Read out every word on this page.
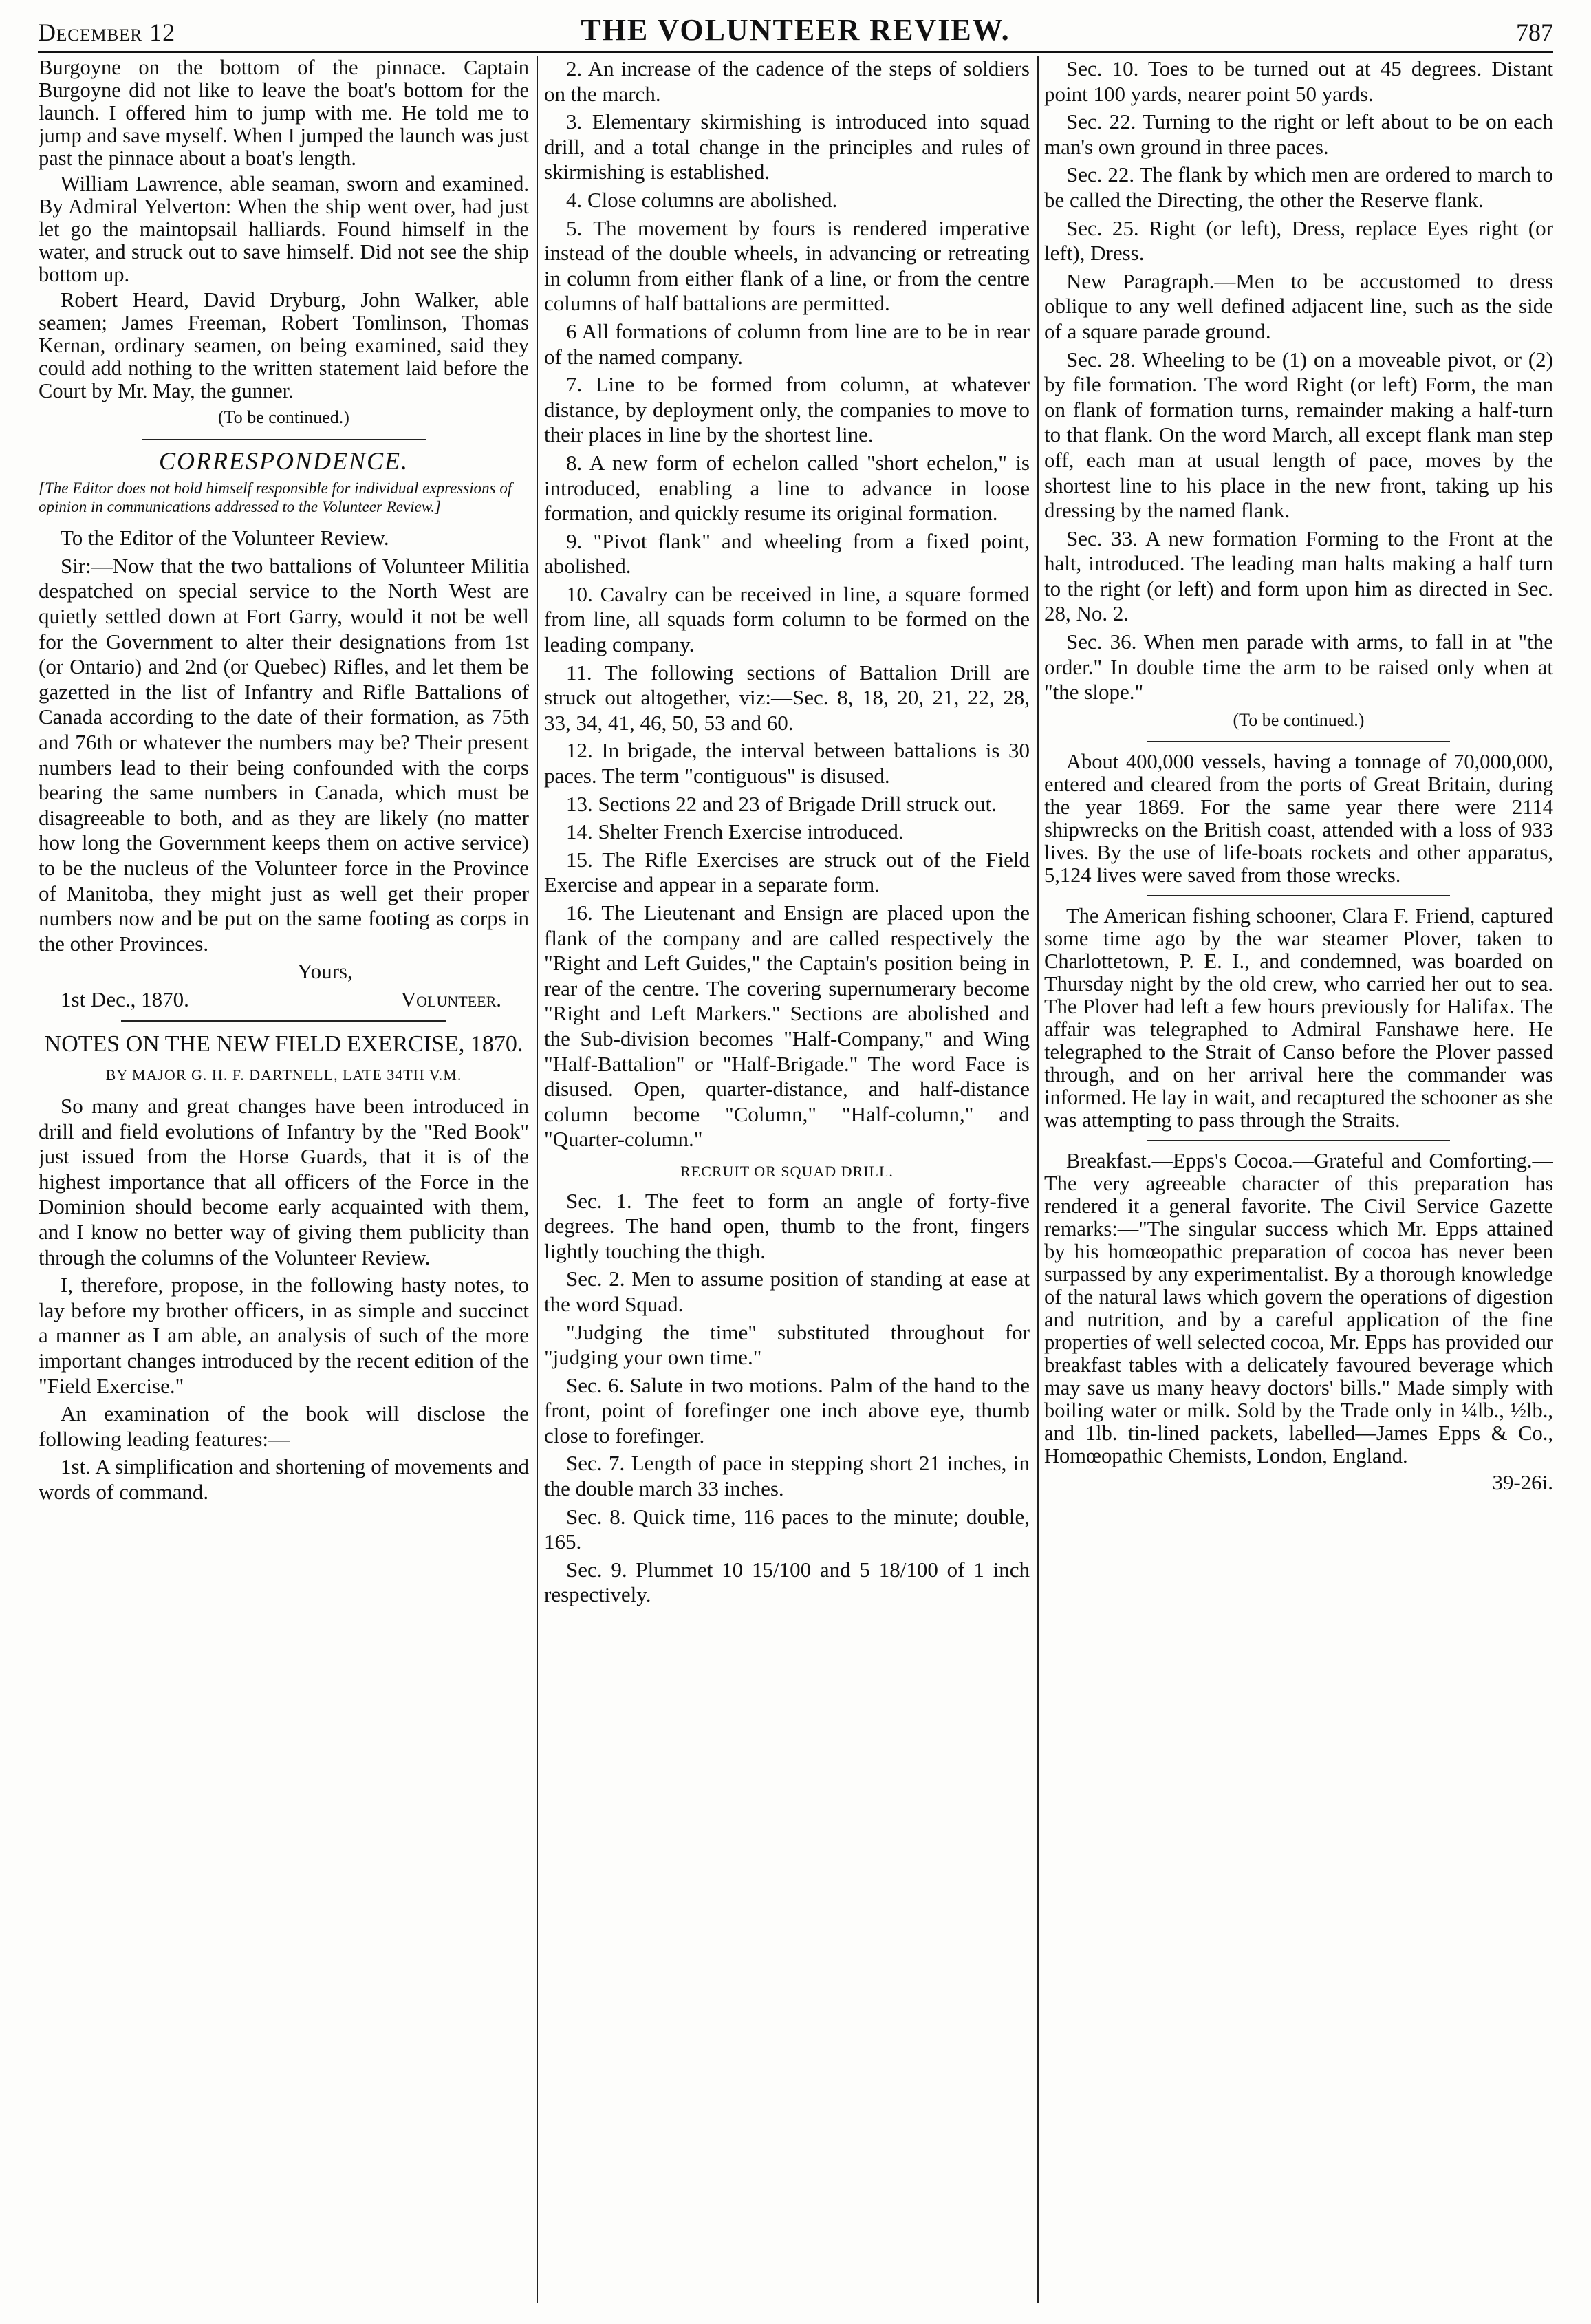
December 12	THE VOLUNTEER REVIEW.	787

Burgoyne on the bottom of the pinnace. Captain Burgoyne did not like to leave the boat's bottom for the launch. I offered him to jump with me. He told me to jump and save myself. When I jumped the launch was just past the pinnace about a boat's length.

William Lawrence, able seaman, sworn and examined. By Admiral Yelverton: When the ship went over, had just let go the maintopsail halliards. Found himself in the water, and struck out to save himself. Did not see the ship bottom up.

Robert Heard, David Dryburg, John Walker, able seamen; James Freeman, Robert Tomlinson, Thomas Kernan, ordinary seamen, on being examined, said they could add nothing to the written statement laid before the Court by Mr. May, the gunner.

(To be continued.)

CORRESPONDENCE.

[The Editor does not hold himself responsible for individual expressions of opinion in communications addressed to the Volunteer Review.]

To the Editor of the Volunteer Review.

Sir:—Now that the two battalions of Volunteer Militia despatched on special service to the North West are quietly settled down at Fort Garry, would it not be well for the Government to alter their designations from 1st (or Ontario) and 2nd (or Quebec) Rifles, and let them be gazetted in the list of Infantry and Rifle Battalions of Canada according to the date of their formation, as 75th and 76th or whatever the numbers may be? Their present numbers lead to their being confounded with the corps bearing the same numbers in Canada, which must be disagreeable to both, and as they are likely (no matter how long the Government keeps them on active service) to be the nucleus of the Volunteer force in the Province of Manitoba, they might just as well get their proper numbers now and be put on the same footing as corps in the other Provinces.

Yours,

1st Dec., 1870.	Volunteer.
NOTES ON THE NEW FIELD EXERCISE, 1870.
BY MAJOR G. H. F. DARTNELL, LATE 34TH V.M.

So many and great changes have been introduced in drill and field evolutions of Infantry by the "Red Book" just issued from the Horse Guards, that it is of the highest importance that all officers of the Force in the Dominion should become early acquainted with them, and I know no better way of giving them publicity than through the columns of the Volunteer Review.

I, therefore, propose, in the following hasty notes, to lay before my brother officers, in as simple and succinct a manner as I am able, an analysis of such of the more important changes introduced by the recent edition of the "Field Exercise."

An examination of the book will disclose the following leading features:—

1st. A simplification and shortening of movements and words of command.

2. An increase of the cadence of the steps of soldiers on the march.

3. Elementary skirmishing is introduced into squad drill, and a total change in the principles and rules of skirmishing is established.

4. Close columns are abolished.

5. The movement by fours is rendered imperative instead of the double wheels, in advancing or retreating in column from either flank of a line, or from the centre columns of half battalions are permitted.

6 All formations of column from line are to be in rear of the named company.

7. Line to be formed from column, at whatever distance, by deployment only, the companies to move to their places in line by the shortest line.

8. A new form of echelon called "short echelon," is introduced, enabling a line to advance in loose formation, and quickly resume its original formation.

9. "Pivot flank" and wheeling from a fixed point, abolished.

10. Cavalry can be received in line, a square formed from line, all squads form column to be formed on the leading company.

11. The following sections of Battalion Drill are struck out altogether, viz:—Sec. 8, 18, 20, 21, 22, 28, 33, 34, 41, 46, 50, 53 and 60.

12. In brigade, the interval between battalions is 30 paces. The term "contiguous" is disused.

13. Sections 22 and 23 of Brigade Drill struck out.

14. Shelter French Exercise introduced.

15. The Rifle Exercises are struck out of the Field Exercise and appear in a separate form.

16. The Lieutenant and Ensign are placed upon the flank of the company and are called respectively the "Right and Left Guides," the Captain's position being in rear of the centre. The covering supernumerary become "Right and Left Markers." Sections are abolished and the Sub-division becomes "Half-Company," and Wing "Half-Battalion" or "Half-Brigade." The word Face is disused. Open, quarter-distance, and half-distance column become "Column," "Half-column," and "Quarter-column."

RECRUIT OR SQUAD DRILL.

Sec. 1. The feet to form an angle of forty-five degrees. The hand open, thumb to the front, fingers lightly touching the thigh.

Sec. 2. Men to assume position of standing at ease at the word Squad.

"Judging the time" substituted throughout for "judging your own time."

Sec. 6. Salute in two motions. Palm of the hand to the front, point of forefinger one inch above eye, thumb close to forefinger.

Sec. 7. Length of pace in stepping short 21 inches, in the double march 33 inches.

Sec. 8. Quick time, 116 paces to the minute; double, 165.

Sec. 9. Plummet 10 15/100 and 5 18/100 of 1 inch respectively.

Sec. 10. Toes to be turned out at 45 degrees. Distant point 100 yards, nearer point 50 yards.

Sec. 22. Turning to the right or left about to be on each man's own ground in three paces.

Sec. 22. The flank by which men are ordered to march to be called the Directing, the other the Reserve flank.

Sec. 25. Right (or left), Dress, replace Eyes right (or left), Dress.

New Paragraph.—Men to be accustomed to dress oblique to any well defined adjacent line, such as the side of a square parade ground.

Sec. 28. Wheeling to be (1) on a moveable pivot, or (2) by file formation. The word Right (or left) Form, the man on flank of formation turns, remainder making a half-turn to that flank. On the word March, all except flank man step off, each man at usual length of pace, moves by the shortest line to his place in the new front, taking up his dressing by the named flank.

Sec. 33. A new formation Forming to the Front at the halt, introduced. The leading man halts making a half turn to the right (or left) and form upon him as directed in Sec. 28, No. 2.

Sec. 36. When men parade with arms, to fall in at "the order." In double time the arm to be raised only when at "the slope."

(To be continued.)

About 400,000 vessels, having a tonnage of 70,000,000, entered and cleared from the ports of Great Britain, during the year 1869. For the same year there were 2114 shipwrecks on the British coast, attended with a loss of 933 lives. By the use of life-boats rockets and other apparatus, 5,124 lives were saved from those wrecks.

The American fishing schooner, Clara F. Friend, captured some time ago by the war steamer Plover, taken to Charlottetown, P. E. I., and condemned, was boarded on Thursday night by the old crew, who carried her out to sea. The Plover had left a few hours previously for Halifax. The affair was telegraphed to Admiral Fanshawe here. He telegraphed to the Strait of Canso before the Plover passed through, and on her arrival here the commander was informed. He lay in wait, and recaptured the schooner as she was attempting to pass through the Straits.

Breakfast.—Epps's Cocoa.—Grateful and Comforting.—The very agreeable character of this preparation has rendered it a general favorite. The Civil Service Gazette remarks:—"The singular success which Mr. Epps attained by his homœopathic preparation of cocoa has never been surpassed by any experimentalist. By a thorough knowledge of the natural laws which govern the operations of digestion and nutrition, and by a careful application of the fine properties of well selected cocoa, Mr. Epps has provided our breakfast tables with a delicately favoured beverage which may save us many heavy doctors' bills." Made simply with boiling water or milk. Sold by the Trade only in ¼lb., ½lb., and 1lb. tin-lined packets, labelled—James Epps & Co., Homœopathic Chemists, London, England.

39-26i.
